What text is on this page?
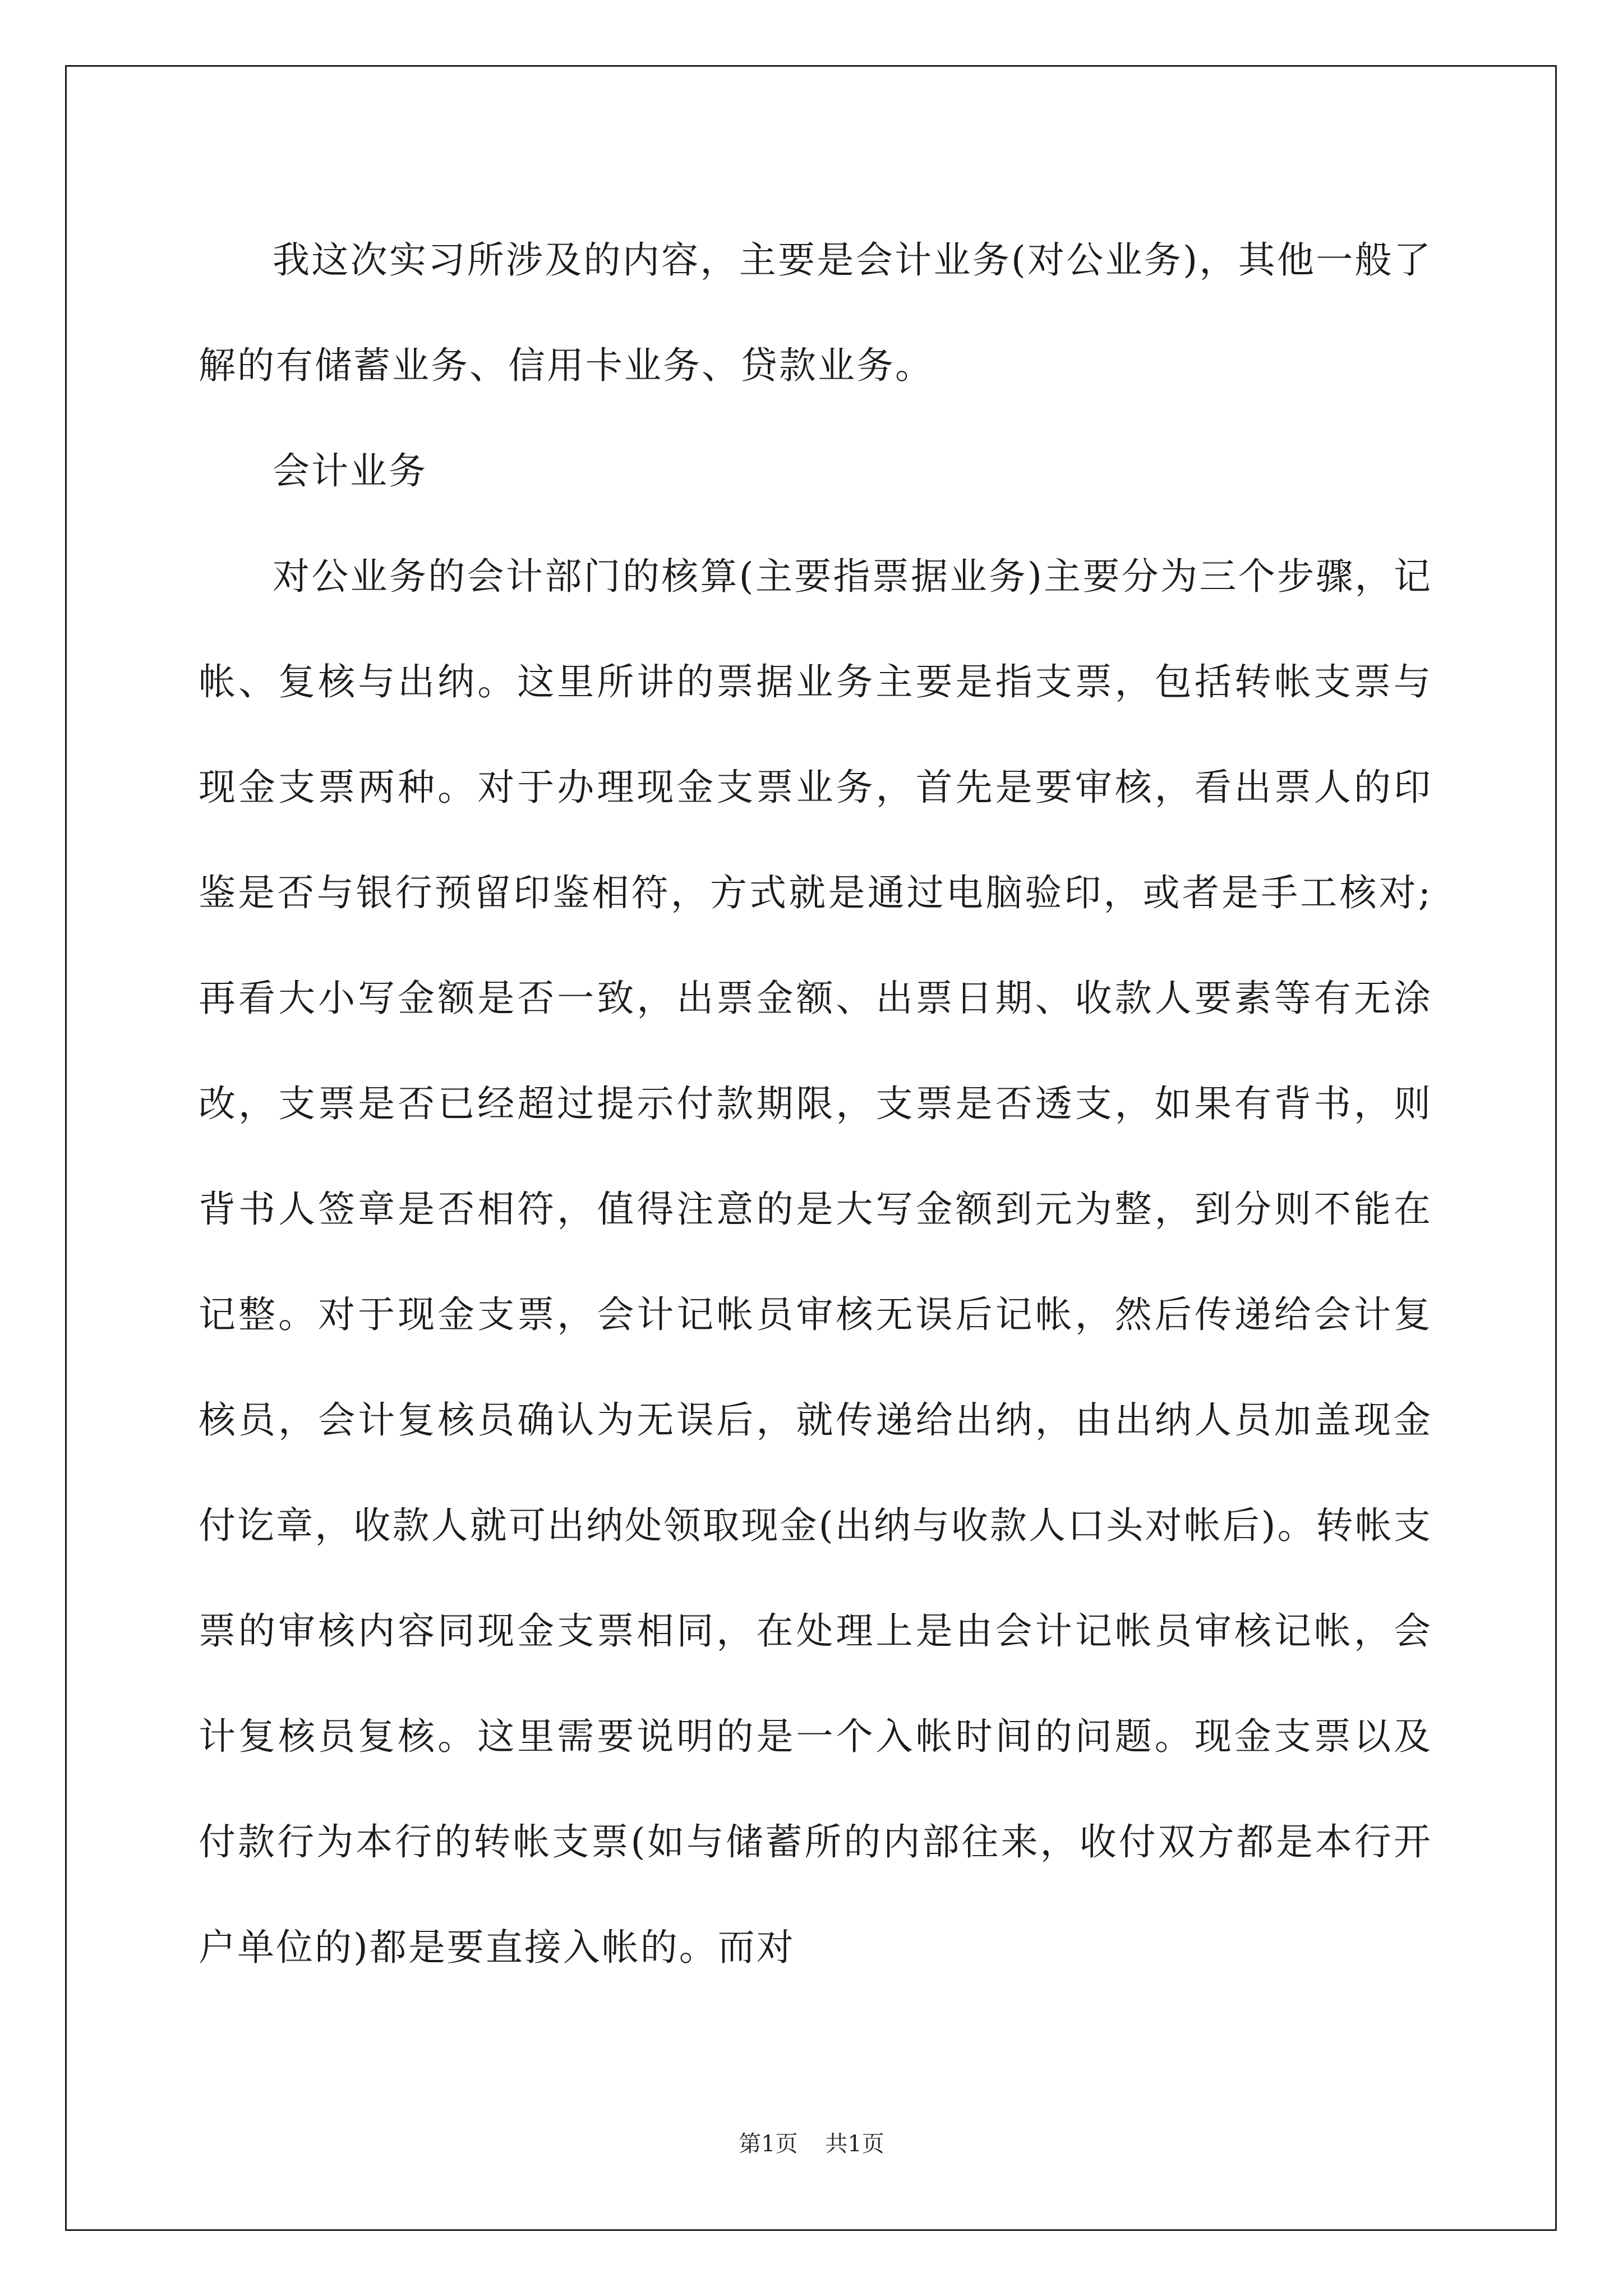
我这次实习所涉及的内容，主要是会计业务(对公业务)，其他一般了解的有储蓄业务、信用卡业务、贷款业务。

会计业务

对公业务的会计部门的核算(主要指票据业务)主要分为三个步骤，记帐、复核与出纳。这里所讲的票据业务主要是指支票，包括转帐支票与现金支票两种。对于办理现金支票业务，首先是要审核，看出票人的印鉴是否与银行预留印鉴相符，方式就是通过电脑验印，或者是手工核对;再看大小写金额是否一致，出票金额、出票日期、收款人要素等有无涂改，支票是否已经超过提示付款期限，支票是否透支，如果有背书，则背书人签章是否相符，值得注意的是大写金额到元为整，到分则不能在记整。对于现金支票，会计记帐员审核无误后记帐，然后传递给会计复核员，会计复核员确认为无误后，就传递给出纳，由出纳人员加盖现金付讫章，收款人就可出纳处领取现金(出纳与收款人口头对帐后)。转帐支票的审核内容同现金支票相同，在处理上是由会计记帐员审核记帐，会计复核员复核。这里需要说明的是一个入帐时间的问题。现金支票以及付款行为本行的转帐支票(如与储蓄所的内部往来，收付双方都是本行开户单位的)都是要直接入帐的。而对

第1页 共1页
